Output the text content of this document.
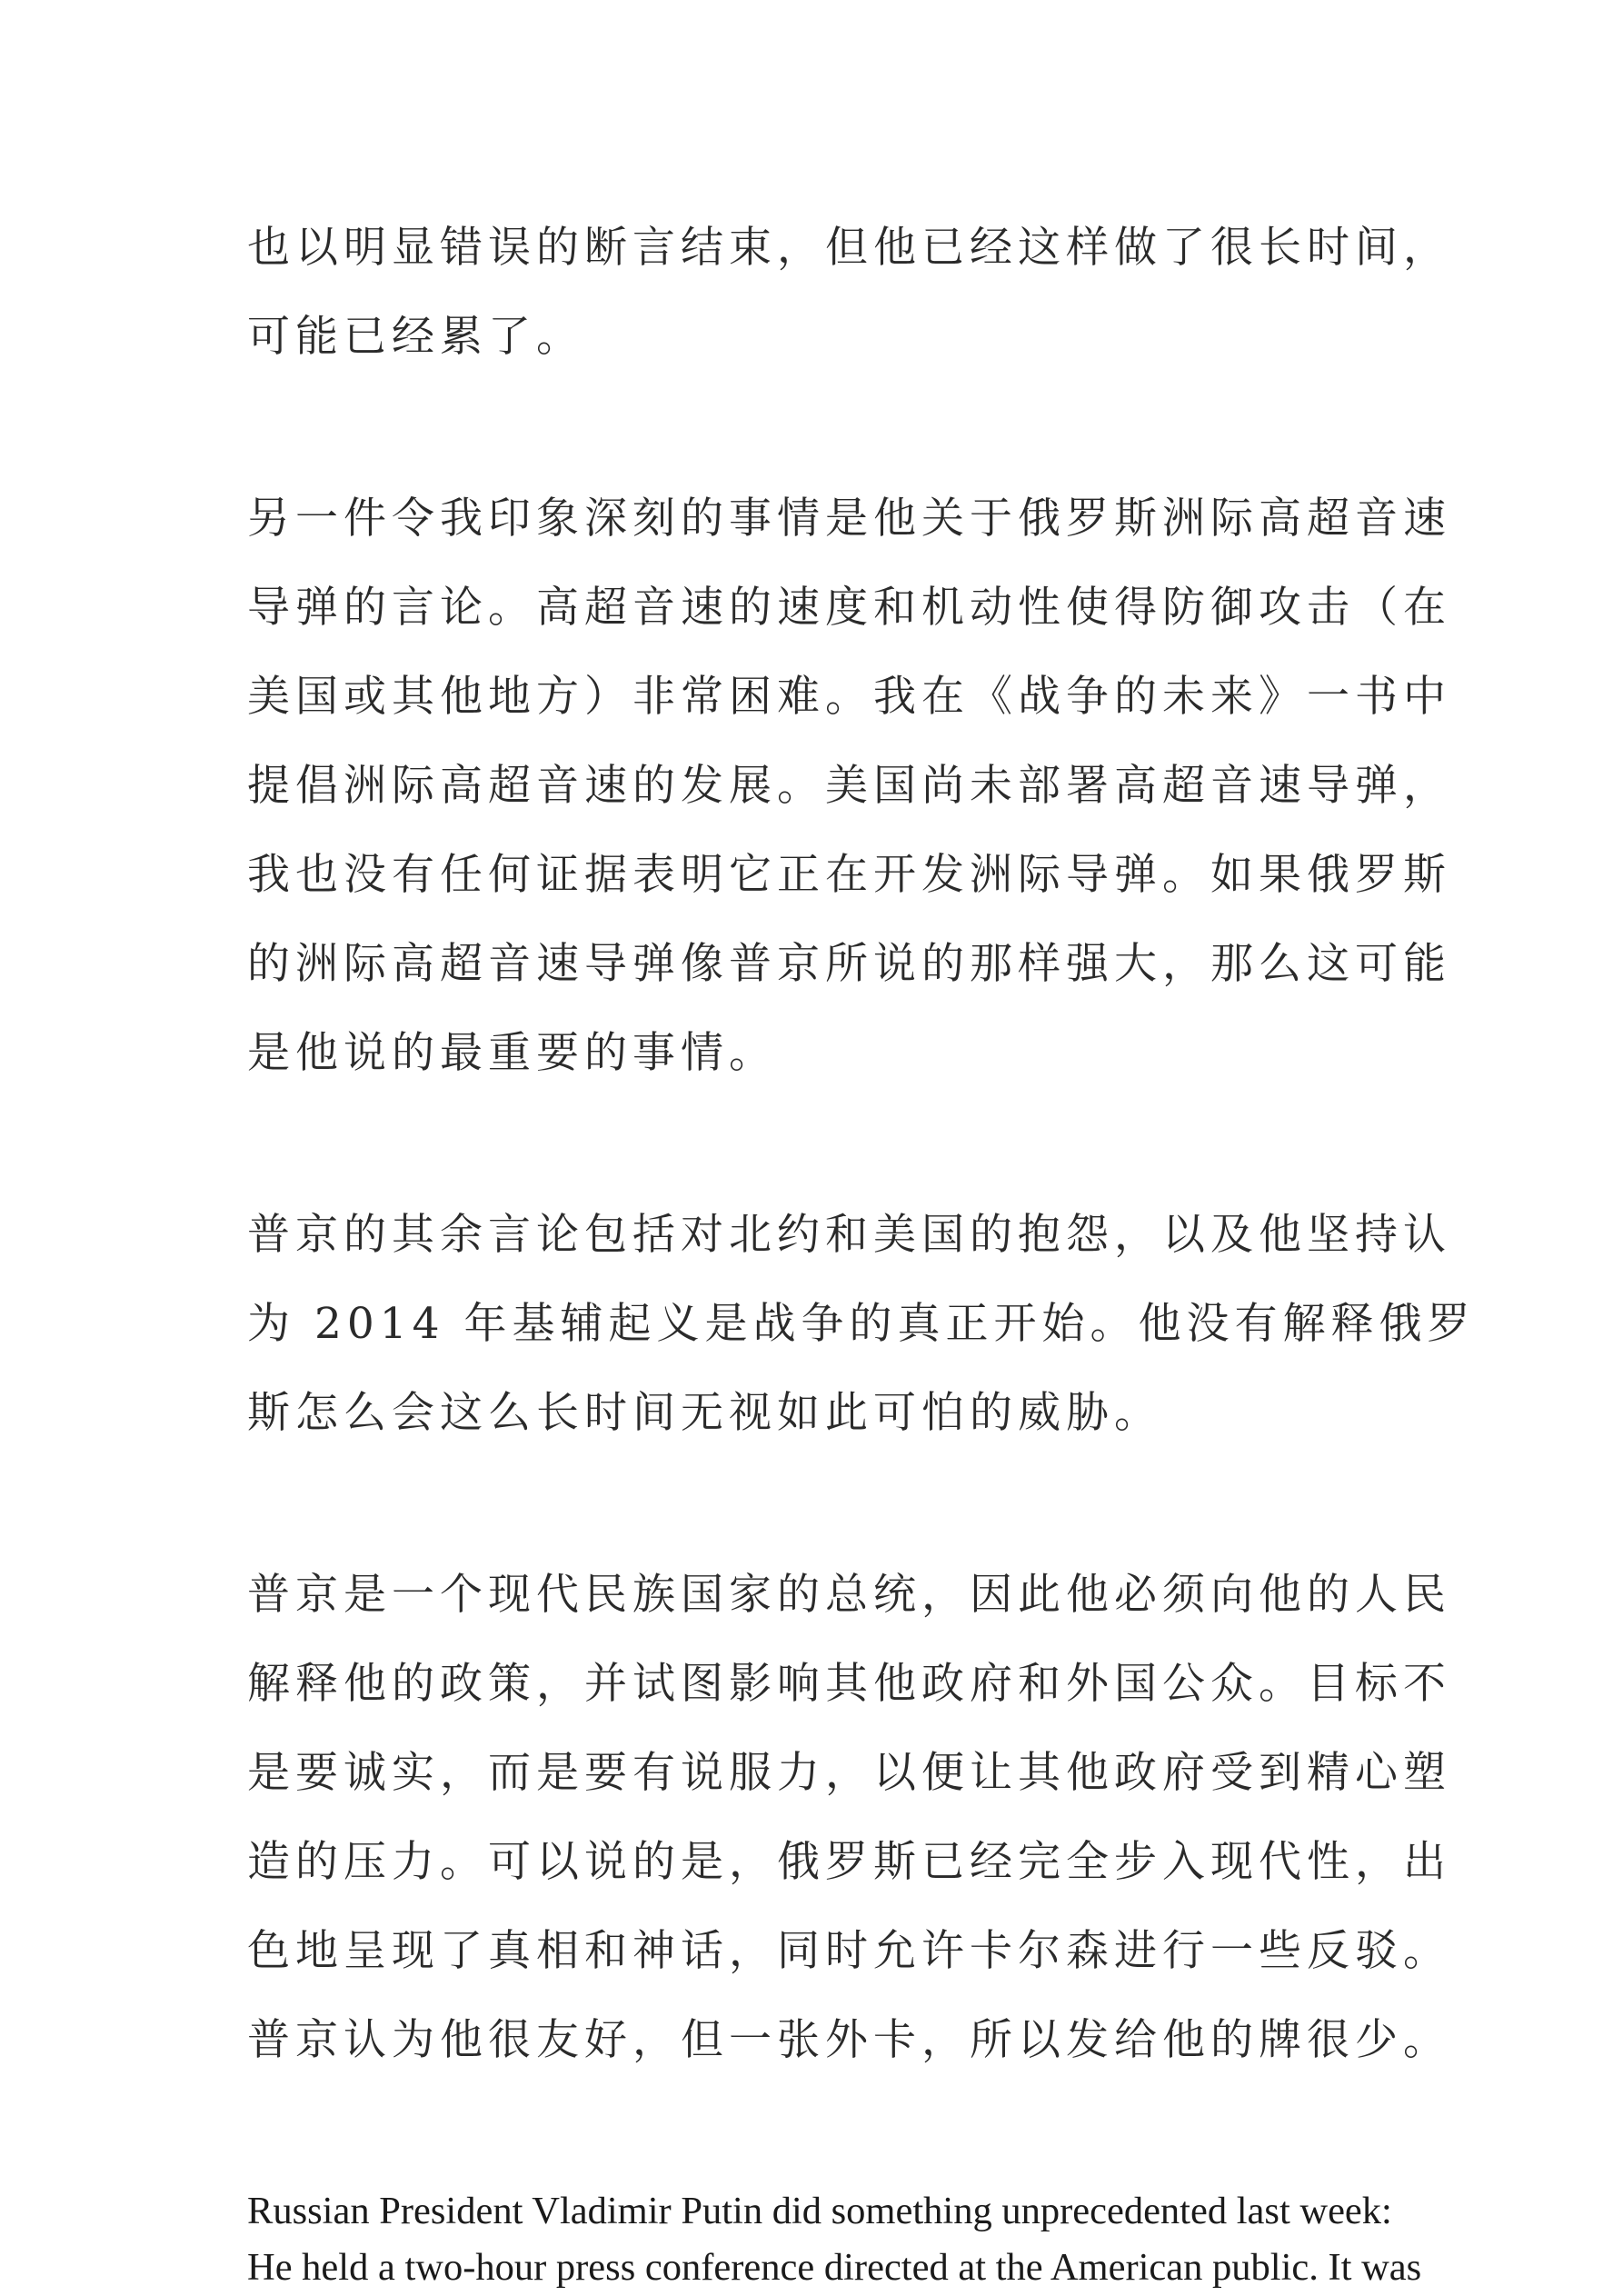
也以明显错误的断言结束，但他已经这样做了很长时间，
可能已经累了。

另一件令我印象深刻的事情是他关于俄罗斯洲际高超音速
导弹的言论。高超音速的速度和机动性使得防御攻击（在
美国或其他地方）非常困难。我在《战争的未来》一书中
提倡洲际高超音速的发展。美国尚未部署高超音速导弹，
我也没有任何证据表明它正在开发洲际导弹。如果俄罗斯
的洲际高超音速导弹像普京所说的那样强大，那么这可能
是他说的最重要的事情。

普京的其余言论包括对北约和美国的抱怨，以及他坚持认
为 2014 年基辅起义是战争的真正开始。他没有解释俄罗
斯怎么会这么长时间无视如此可怕的威胁。

普京是一个现代民族国家的总统，因此他必须向他的人民
解释他的政策，并试图影响其他政府和外国公众。目标不
是要诚实，而是要有说服力，以便让其他政府受到精心塑
造的压力。可以说的是，俄罗斯已经完全步入现代性，出
色地呈现了真相和神话，同时允许卡尔森进行一些反驳。
普京认为他很友好，但一张外卡，所以发给他的牌很少。

Russian President Vladimir Putin did something unprecedented last week:
He held a two-hour press conference directed at the American public. It was
